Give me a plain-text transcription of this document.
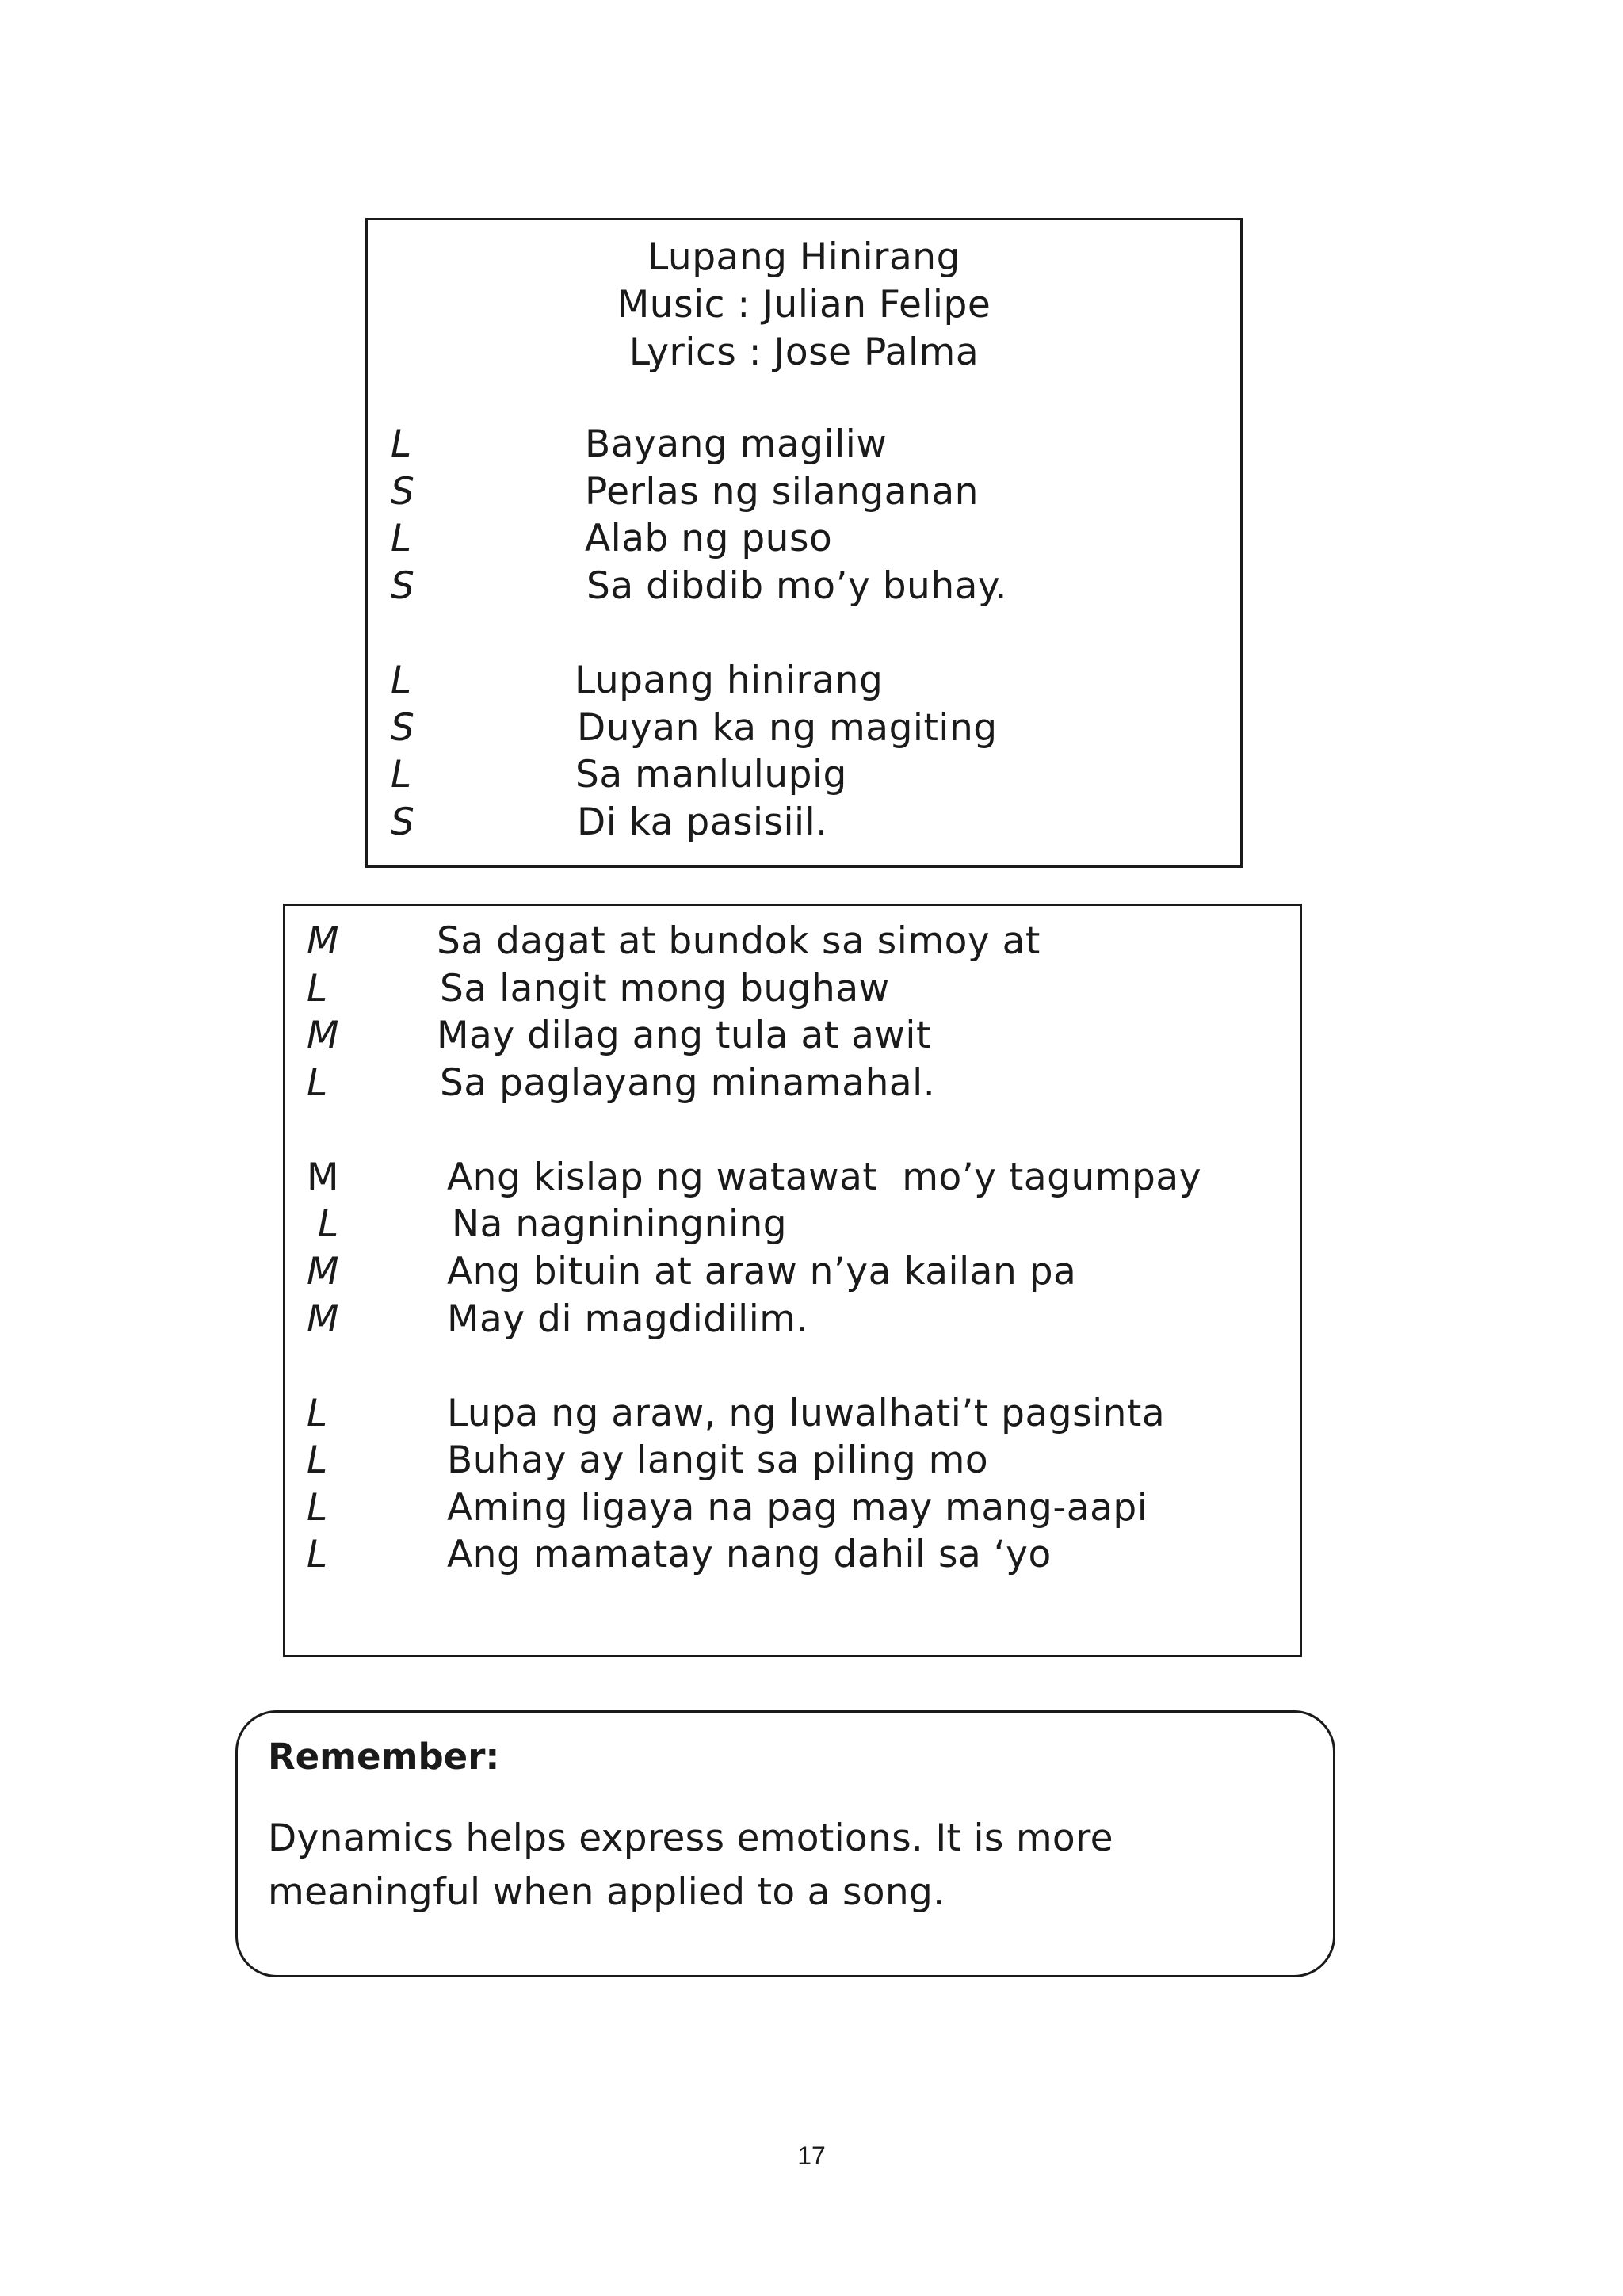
Lupang Hinirang
Music : Julian Felipe
Lyrics : Jose Palma
L	Bayang magiliw
S	Perlas ng silanganan
L	Alab ng puso
S	Sa dibdib mo’y buhay.
L	Lupang hinirang
S	Duyan ka ng magiting
L	Sa manlulupig
S	Di ka pasisiil.
M	Sa dagat at bundok sa simoy at
L	Sa langit mong bughaw
M	May dilag ang tula at awit
L	Sa paglayang minamahal.
M	Ang kislap ng watawat  mo’y tagumpay
L	Na nagniningning
M	Ang bituin at araw n’ya kailan pa
M	May di magdidilim.
L	Lupa ng araw, ng luwalhati’t pagsinta
L	Buhay ay langit sa piling mo
L	Aming ligaya na pag may mang-aapi
L	Ang mamatay nang dahil sa ‘yo
Remember:
Dynamics helps express emotions. It is more meaningful when applied to a song.
17
